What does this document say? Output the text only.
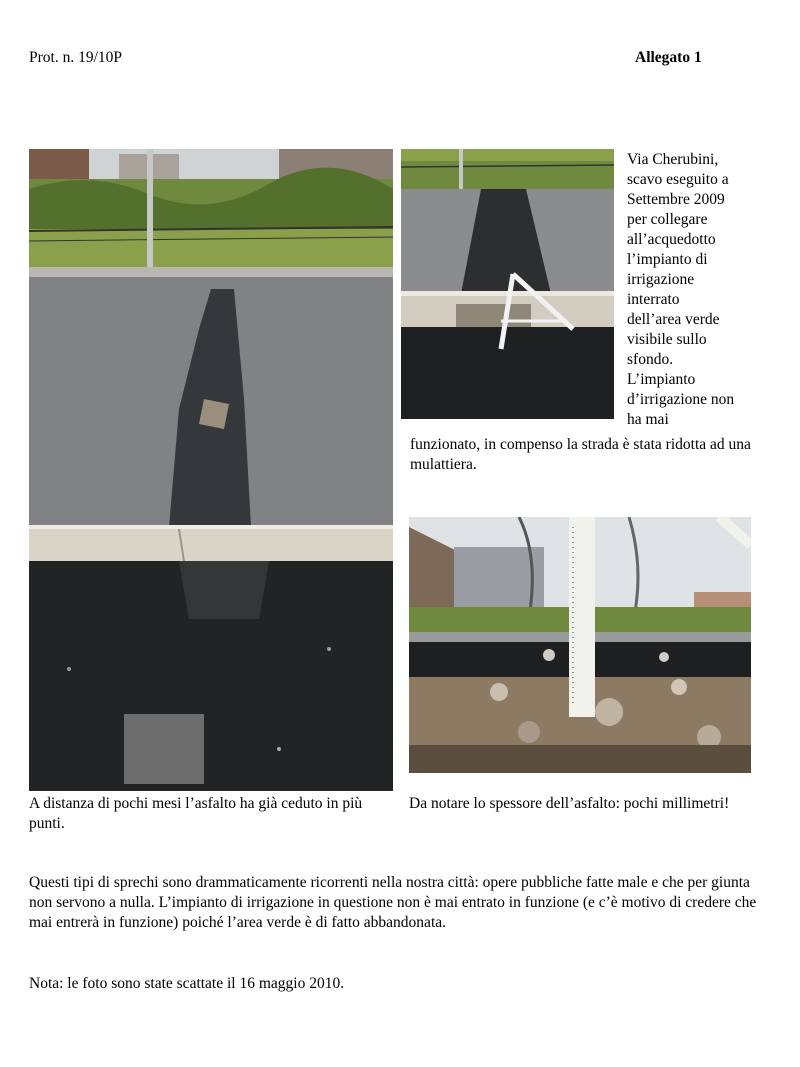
Prot. n. 19/10P	Allegato 1
Via Cherubini,
scavo eseguito a
Settembre 2009
per collegare
all’acquedotto
l’impianto di
irrigazione
interrato
dell’area verde
visibile sullo
sfondo.
L’impianto
d’irrigazione non
ha mai
funzionato, in compenso la strada è stata ridotta ad una mulattiera.
A distanza di pochi mesi l’asfalto ha già ceduto in più punti.
Da notare lo spessore dell’asfalto: pochi millimetri!
Questi tipi di sprechi sono drammaticamente ricorrenti nella nostra città: opere pubbliche fatte male e che per giunta non servono a nulla. L’impianto di irrigazione in questione non è mai entrato in funzione (e c’è motivo di credere che mai entrerà in funzione) poiché l’area verde è di fatto abbandonata.
Nota: le foto sono state scattate il 16 maggio 2010.
